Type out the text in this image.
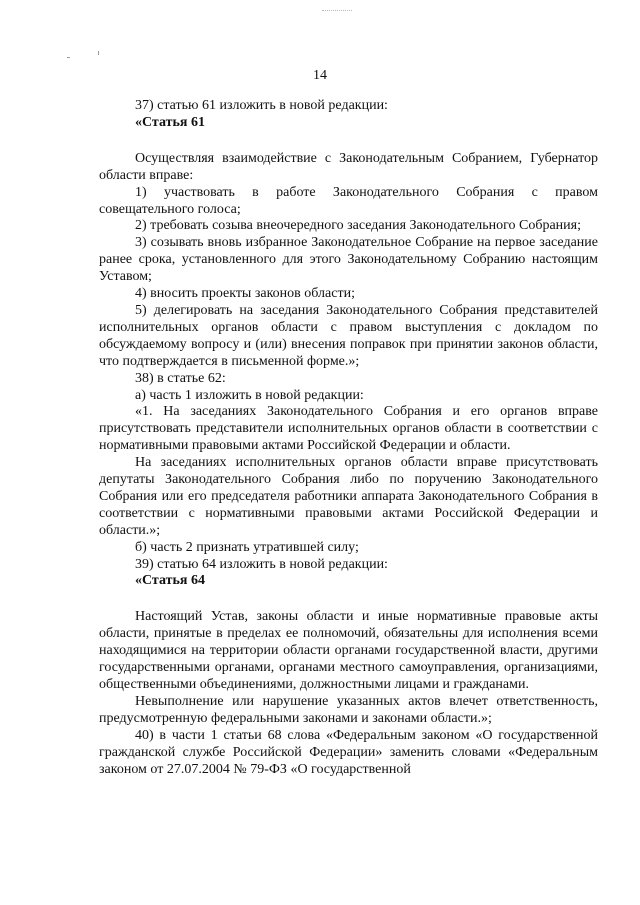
14
37) статью 61 изложить в новой редакции:
«Статья 61
Осуществляя взаимодействие с Законодательным Собранием, Губернатор области вправе:
1) участвовать в работе Законодательного Собрания с правом совещательного голоса;
2) требовать созыва внеочередного заседания Законодательного Собрания;
3) созывать вновь избранное Законодательное Собрание на первое заседание ранее срока, установленного для этого Законодательному Собранию настоящим Уставом;
4) вносить проекты законов области;
5) делегировать на заседания Законодательного Собрания представителей исполнительных органов области с правом выступления с докладом по обсуждаемому вопросу и (или) внесения поправок при принятии законов области, что подтверждается в письменной форме.»;
38) в статье 62:
а) часть 1 изложить в новой редакции:
«1. На заседаниях Законодательного Собрания и его органов вправе присутствовать представители исполнительных органов области в соответствии с нормативными правовыми актами Российской Федерации и области.
На заседаниях исполнительных органов области вправе присутствовать депутаты Законодательного Собрания либо по поручению Законодательного Собрания или его председателя работники аппарата Законодательного Собрания в соответствии с нормативными правовыми актами Российской Федерации и области.»;
б) часть 2 признать утратившей силу;
39) статью 64 изложить в новой редакции:
«Статья 64
Настоящий Устав, законы области и иные нормативные правовые акты области, принятые в пределах ее полномочий, обязательны для исполнения всеми находящимися на территории области органами государственной власти, другими государственными органами, органами местного самоуправления, организациями, общественными объединениями, должностными лицами и гражданами.
Невыполнение или нарушение указанных актов влечет ответственность, предусмотренную федеральными законами и законами области.»;
40) в части 1 статьи 68 слова «Федеральным законом «О государственной гражданской службе Российской Федерации» заменить словами «Федеральным законом от 27.07.2004 № 79-ФЗ «О государственной
